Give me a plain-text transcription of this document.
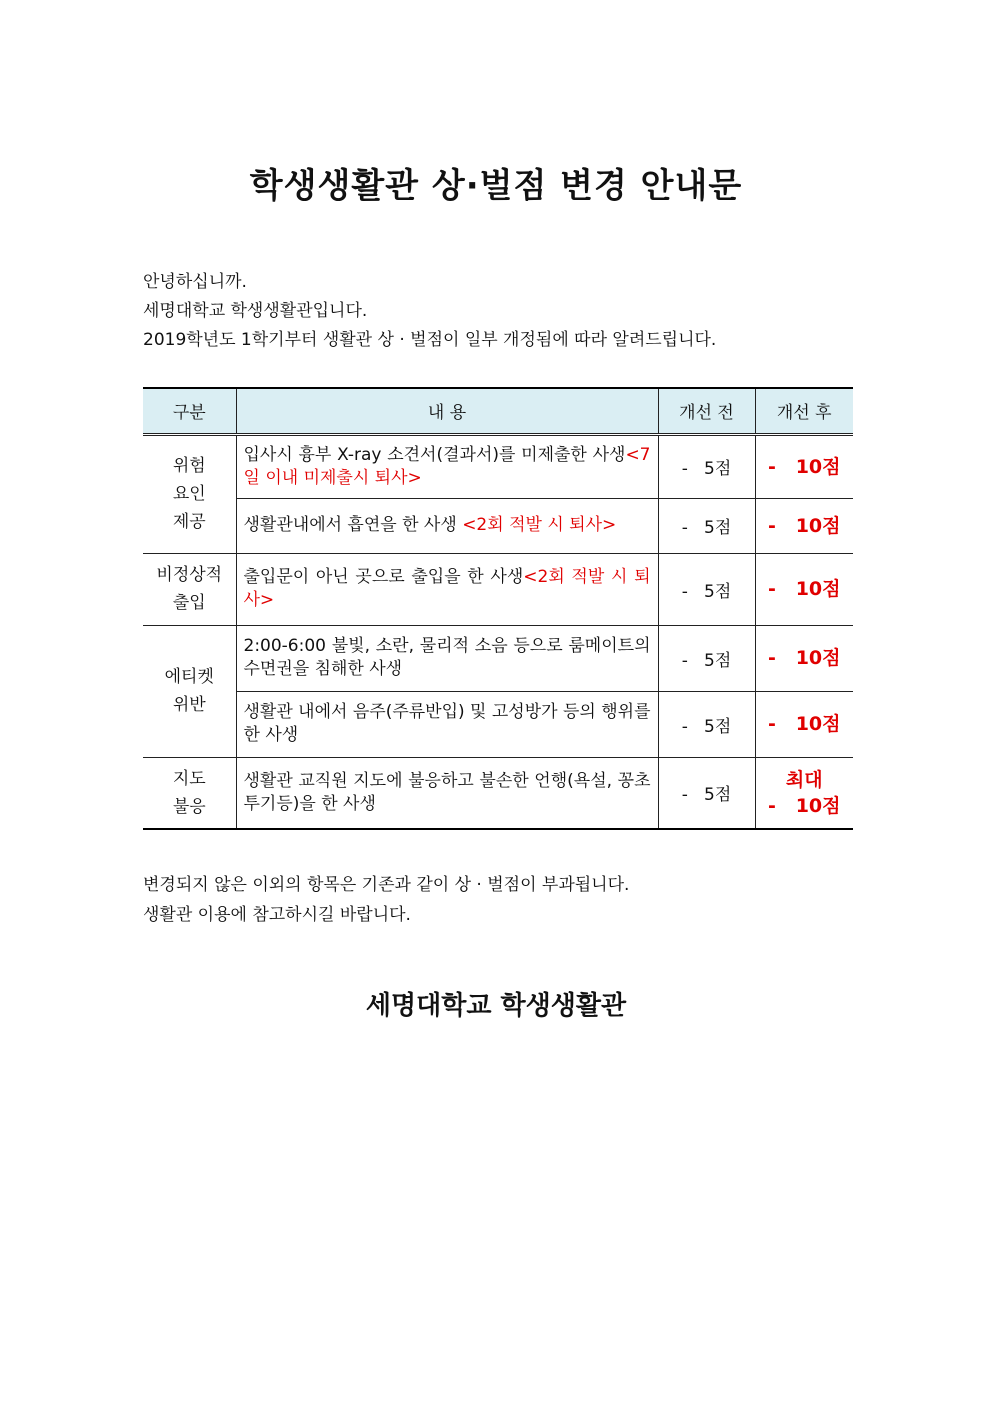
학생생활관 상·벌점 변경 안내문
안녕하십니까.
세명대학교 학생생활관입니다.
2019학년도 1학기부터 생활관 상 · 벌점이 일부 개정됨에 따라 알려드립니다.
구분	내 용	개선 전	개선 후
위험
요인
제공	입사시 흉부 X-ray 소견서(결과서)를 미제출한 사생<7일 이내 미제출시 퇴사>	-   5점	-   10점
	생활관내에서 흡연을 한 사생 <2회 적발 시 퇴사>	-   5점	-   10점
비정상적
출입	출입문이 아닌 곳으로 출입을 한 사생<2회 적발 시 퇴사>	-   5점	-   10점
에티켓
위반	2:00-6:00 불빛, 소란, 물리적 소음 등으로 룸메이트의 수면권을 침해한 사생	-   5점	-   10점
	생활관 내에서 음주(주류반입) 및 고성방가 등의 행위를 한 사생	-   5점	-   10점
지도
불응	생활관 교직원 지도에 불응하고 불손한 언행(욕설, 꽁초 투기등)을 한 사생	-   5점	최대
-   10점
변경되지 않은 이외의 항목은 기존과 같이 상 · 벌점이 부과됩니다.
생활관 이용에 참고하시길 바랍니다.
세명대학교 학생생활관
